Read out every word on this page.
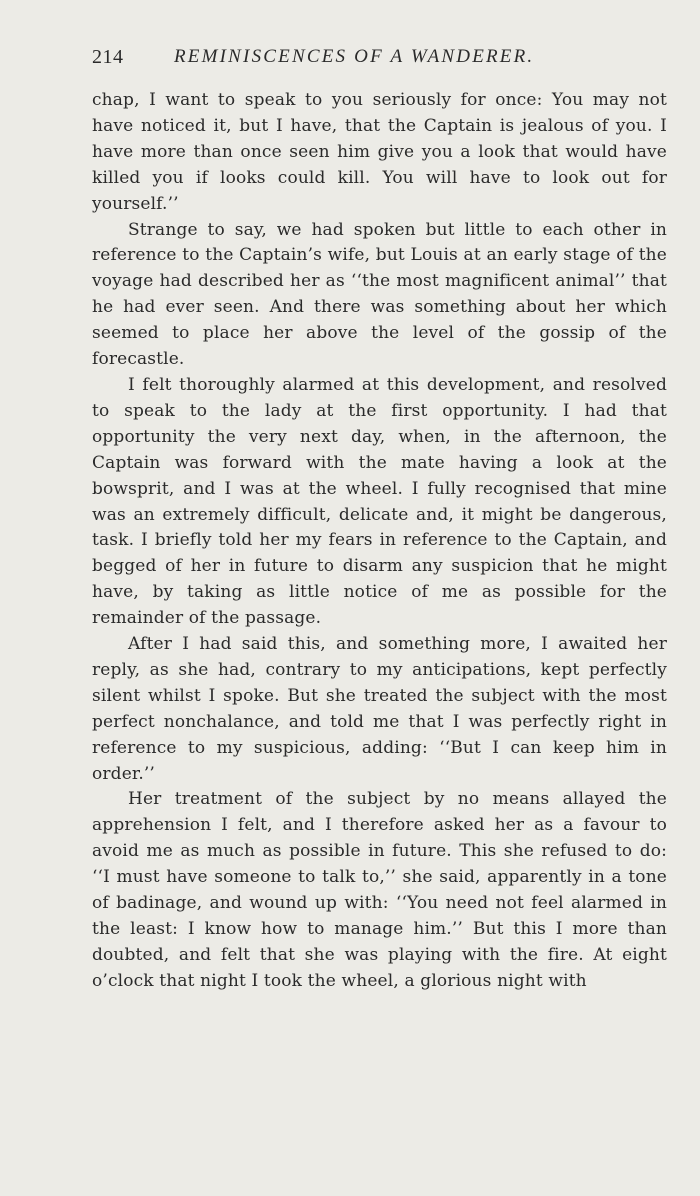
214	REMINISCENCES OF A WANDERER.

chap, I want to speak to you seriously for once: You may not have noticed it, but I have, that the Captain is jealous of you. I have more than once seen him give you a look that would have killed you if looks could kill. You will have to look out for yourself.’’

Strange to say, we had spoken but little to each other in reference to the Captain’s wife, but Louis at an early stage of the voyage had described her as ‘‘the most magnificent animal’’ that he had ever seen. And there was something about her which seemed to place her above the level of the gossip of the forecastle.

I felt thoroughly alarmed at this development, and resolved to speak to the lady at the first opportunity. I had that opportunity the very next day, when, in the afternoon, the Captain was forward with the mate having a look at the bowsprit, and I was at the wheel. I fully recognised that mine was an extremely difficult, delicate and, it might be dangerous, task. I briefly told her my fears in reference to the Captain, and begged of her in future to disarm any suspicion that he might have, by taking as little notice of me as possible for the remainder of the passage.

After I had said this, and something more, I awaited her reply, as she had, contrary to my anticipations, kept perfectly silent whilst I spoke. But she treated the subject with the most perfect nonchalance, and told me that I was perfectly right in reference to my suspicious, adding: ‘‘But I can keep him in order.’’

Her treatment of the subject by no means allayed the apprehension I felt, and I therefore asked her as a favour to avoid me as much as possible in future. This she refused to do: ‘‘I must have someone to talk to,’’ she said, apparently in a tone of badinage, and wound up with: ‘‘You need not feel alarmed in the least: I know how to manage him.’’ But this I more than doubted, and felt that she was playing with the fire. At eight o’clock that night I took the wheel, a glorious night with
